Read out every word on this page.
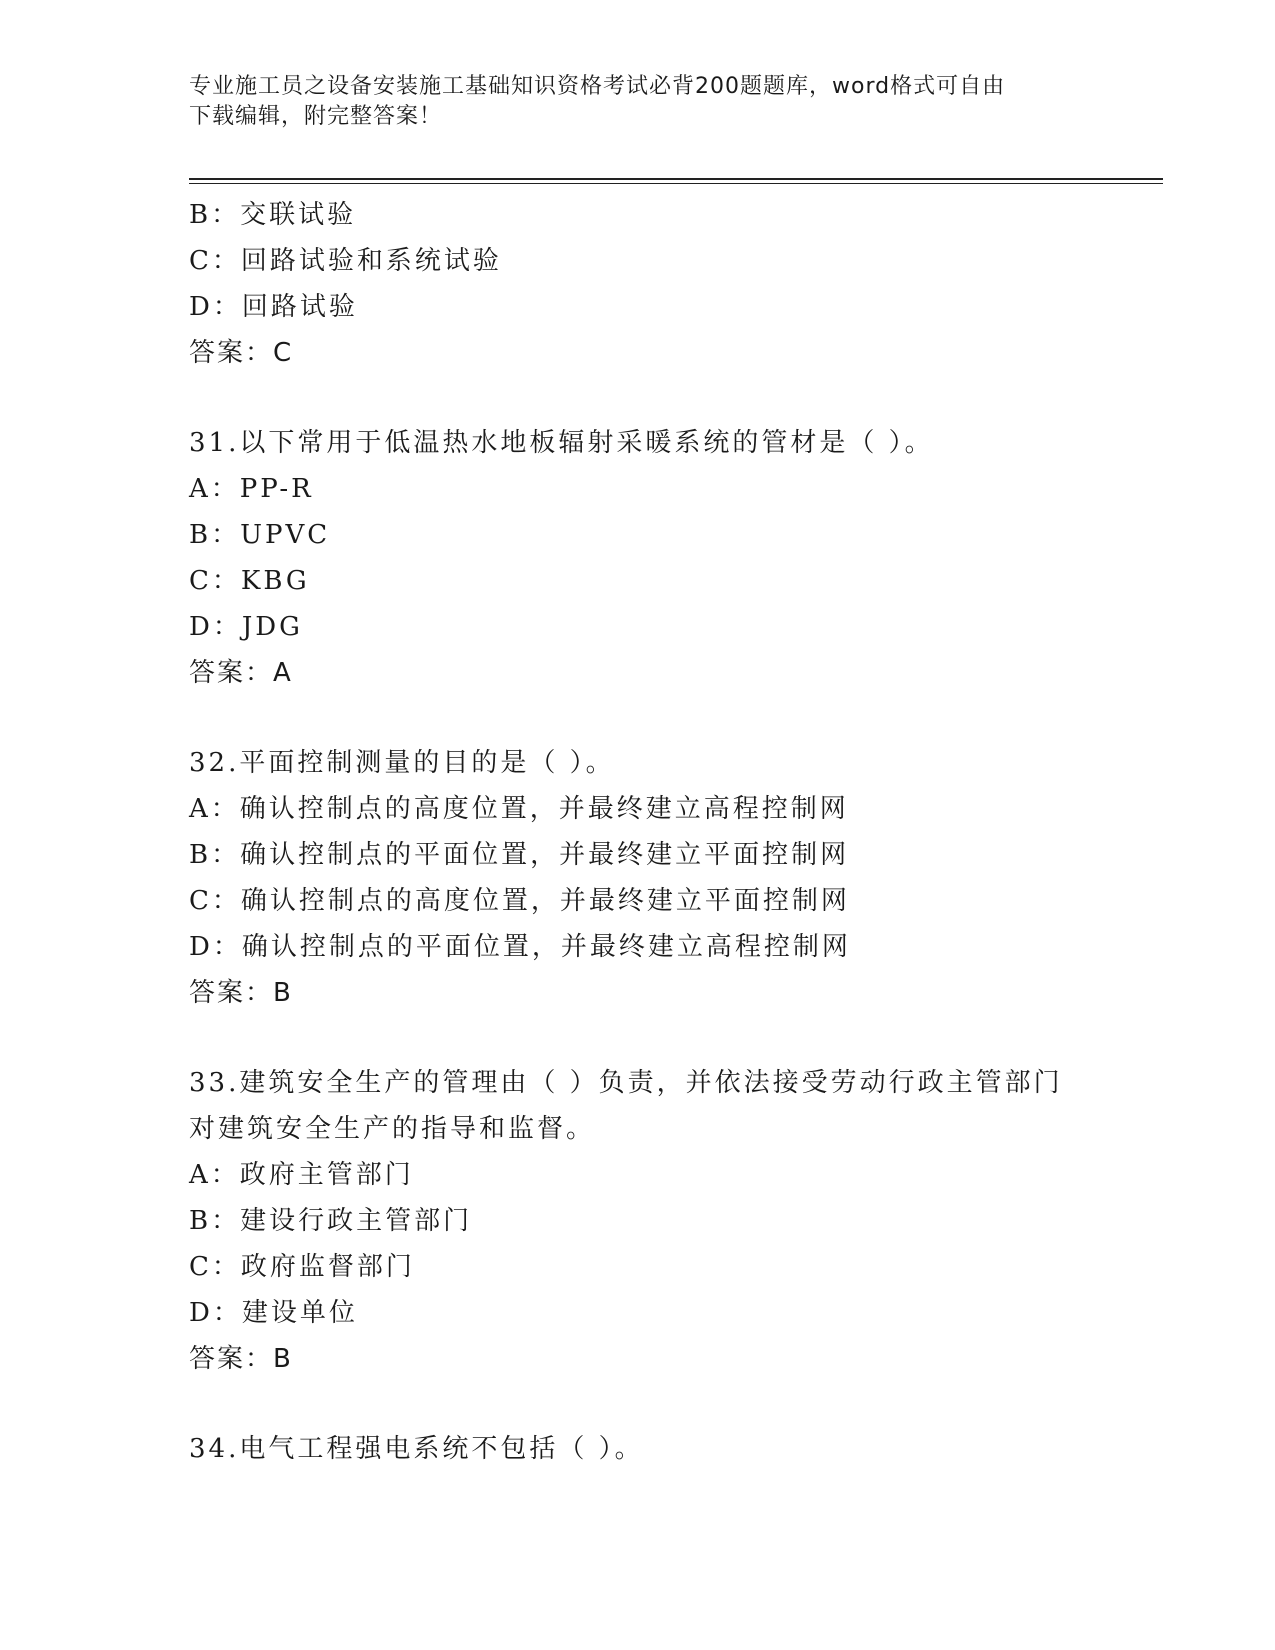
专业施工员之设备安装施工基础知识资格考试必背200题题库，word格式可自由
下载编辑，附完整答案！
B：交联试验
C：回路试验和系统试验
D：回路试验
答案：C
31.以下常用于低温热水地板辐射采暖系统的管材是（ ）。
A：PP-R
B：UPVC
C：KBG
D：JDG
答案：A
32.平面控制测量的目的是（ ）。
A：确认控制点的高度位置，并最终建立高程控制网
B：确认控制点的平面位置，并最终建立平面控制网
C：确认控制点的高度位置，并最终建立平面控制网
D：确认控制点的平面位置，并最终建立高程控制网
答案：B
33.建筑安全生产的管理由（ ）负责，并依法接受劳动行政主管部门
对建筑安全生产的指导和监督。
A：政府主管部门
B：建设行政主管部门
C：政府监督部门
D：建设单位
答案：B
34.电气工程强电系统不包括（ ）。
